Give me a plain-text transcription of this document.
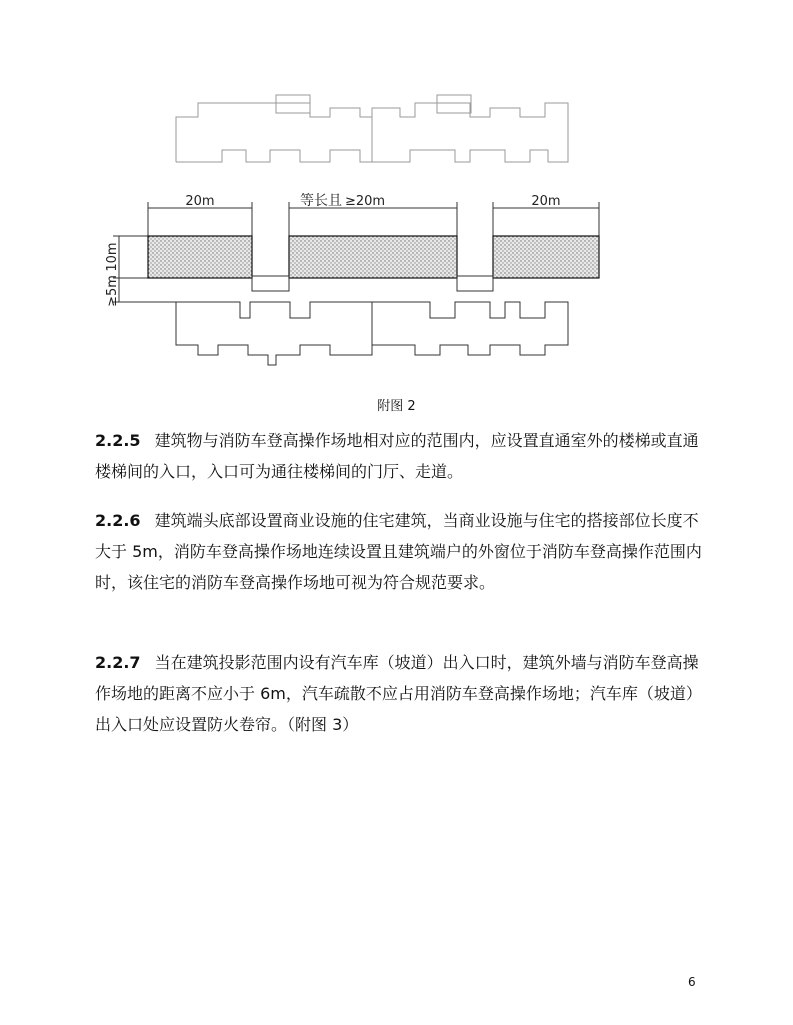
20m	等长且 ≥20m	20m
10m
≥5m
附图 2
2.2.5 建筑物与消防车登高操作场地相对应的范围内，应设置直通室外的楼梯或直通楼梯间的入口，入口可为通往楼梯间的门厅、走道。
2.2.6 建筑端头底部设置商业设施的住宅建筑，当商业设施与住宅的搭接部位长度不大于 5m，消防车登高操作场地连续设置且建筑端户的外窗位于消防车登高操作范围内时，该住宅的消防车登高操作场地可视为符合规范要求。
2.2.7 当在建筑投影范围内设有汽车库（坡道）出入口时，建筑外墙与消防车登高操作场地的距离不应小于 6m，汽车疏散不应占用消防车登高操作场地；汽车库（坡道）出入口处应设置防火卷帘。（附图 3）
6
